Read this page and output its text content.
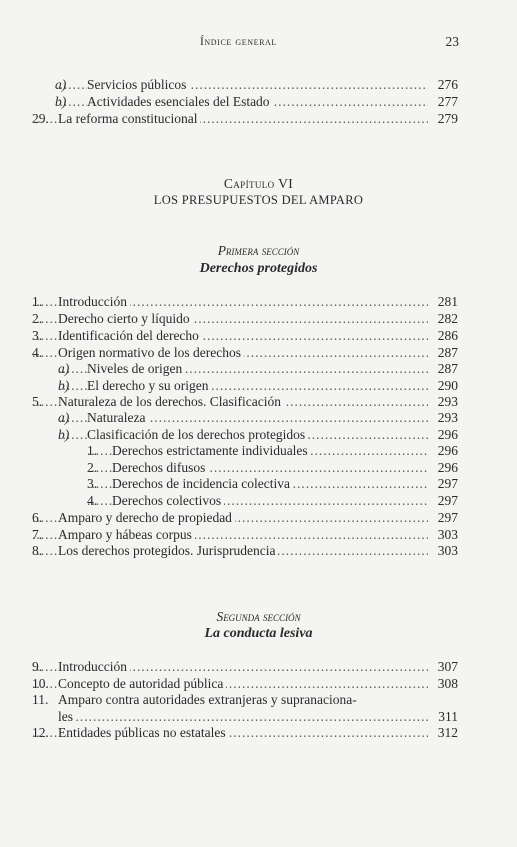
Índice general	23
a) ..... Servicios públicos	276
b) ..... Actividades esenciales del Estado	277
29. ..... La reforma constitucional	279
Capítulo VI
LOS PRESUPUESTOS DEL AMPARO
Primera sección
Derechos protegidos
1. ..... Introducción	281
2. ..... Derecho cierto y líquido	282
3. ..... Identificación del derecho	286
4. ..... Origen normativo de los derechos	287
a) ..... Niveles de origen	287
b) ..... El derecho y su origen	290
5. ..... Naturaleza de los derechos. Clasificación	293
a) ..... Naturaleza	293
b) ..... Clasificación de los derechos protegidos	296
1. ..... Derechos estrictamente individuales	296
2. ..... Derechos difusos	296
3. ..... Derechos de incidencia colectiva	297
4. ..... Derechos colectivos	297
6. ..... Amparo y derecho de propiedad	297
7. ..... Amparo y hábeas corpus	303
8. ..... Los derechos protegidos. Jurisprudencia	303
Segunda sección
La conducta lesiva
9. ..... Introducción	307
10. ..... Concepto de autoridad pública	308
11. Amparo contra autoridades extranjeras y supranaciona-
.....
les	311
12. ..... Entidades públicas no estatales	312
